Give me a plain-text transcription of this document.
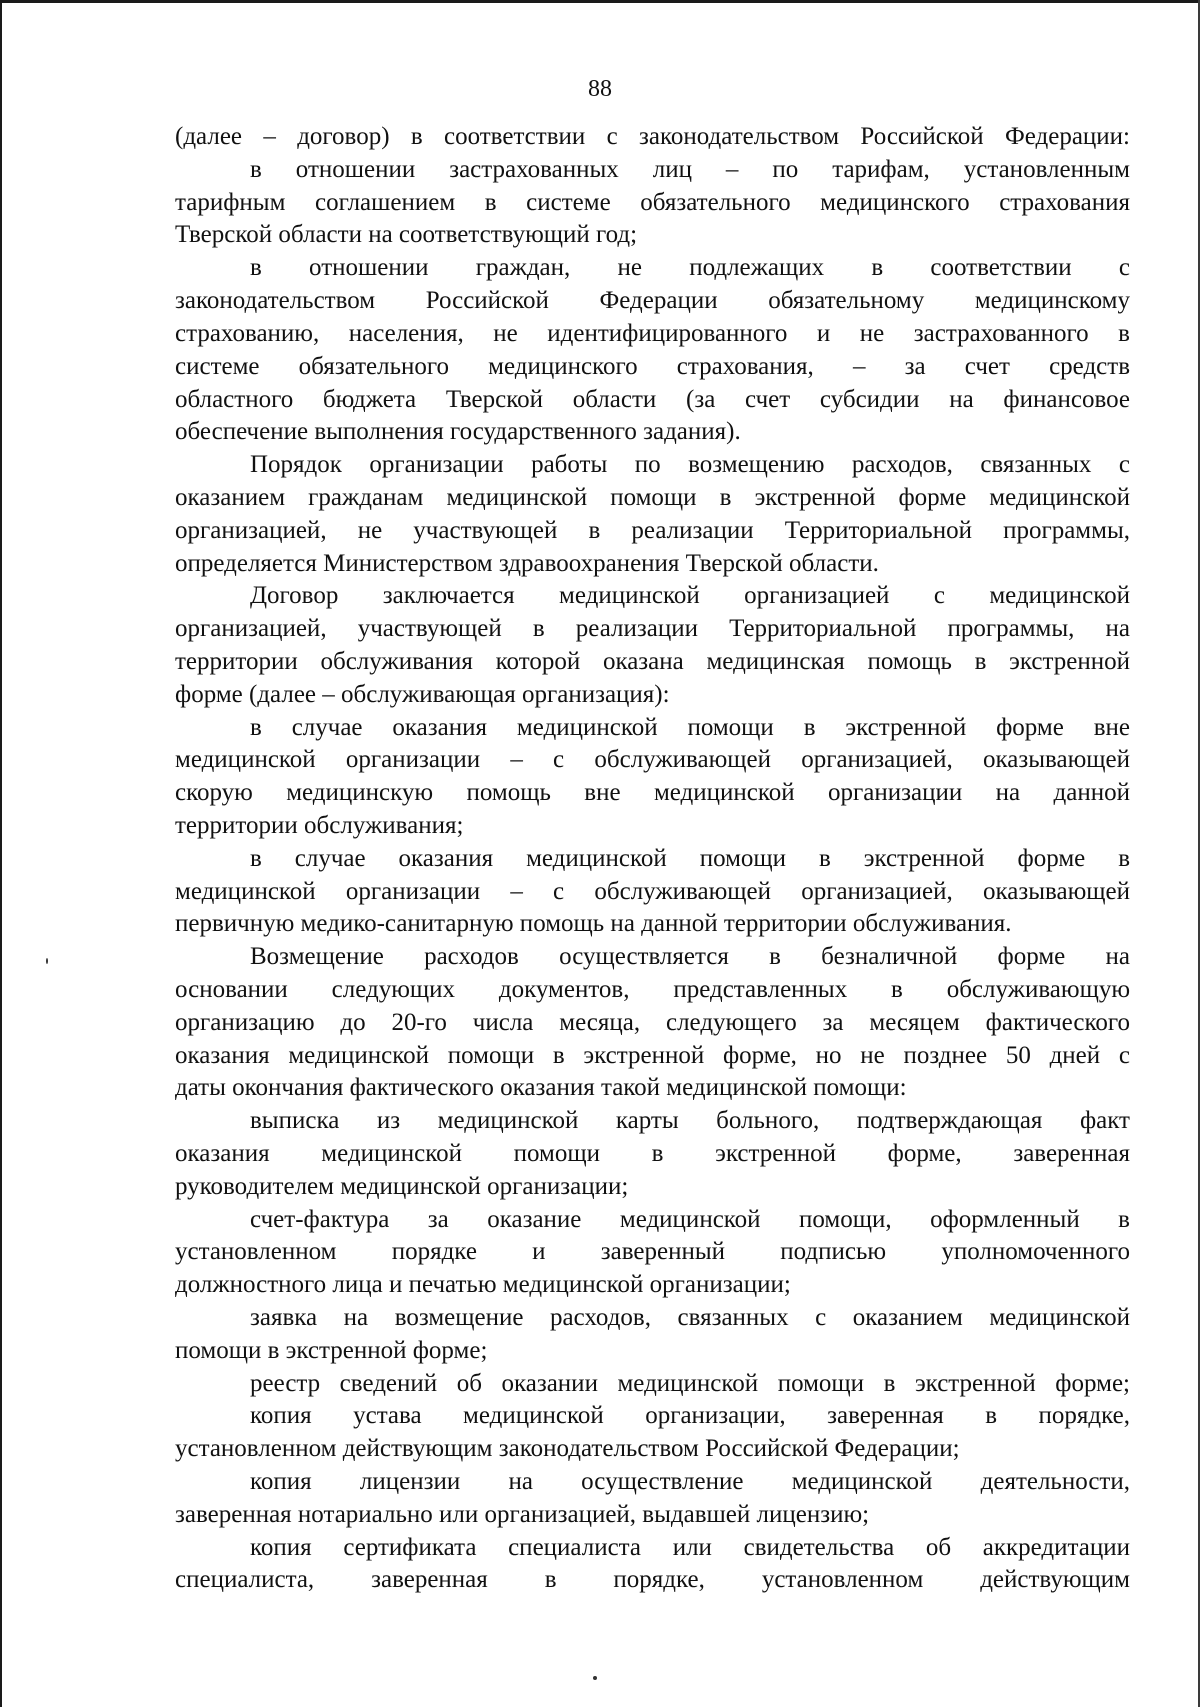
88
(далее – договор) в соответствии с законодательством Российской Федерации:
в отношении застрахованных лиц – по тарифам, установленным
тарифным соглашением в системе обязательного медицинского страхования
Тверской области на соответствующий год;
в отношении граждан, не подлежащих в соответствии с
законодательством Российской Федерации обязательному медицинскому
страхованию, населения, не идентифицированного и не застрахованного в
системе обязательного медицинского страхования, – за счет средств
областного бюджета Тверской области (за счет субсидии на финансовое
обеспечение выполнения государственного задания).
Порядок организации работы по возмещению расходов, связанных с
оказанием гражданам медицинской помощи в экстренной форме медицинской
организацией, не участвующей в реализации Территориальной программы,
определяется Министерством здравоохранения Тверской области.
Договор заключается медицинской организацией с медицинской
организацией, участвующей в реализации Территориальной программы, на
территории обслуживания которой оказана медицинская помощь в экстренной
форме (далее – обслуживающая организация):
в случае оказания медицинской помощи в экстренной форме вне
медицинской организации – с обслуживающей организацией, оказывающей
скорую медицинскую помощь вне медицинской организации на данной
территории обслуживания;
в случае оказания медицинской помощи в экстренной форме в
медицинской организации – с обслуживающей организацией, оказывающей
первичную медико-санитарную помощь на данной территории обслуживания.
Возмещение расходов осуществляется в безналичной форме на
основании следующих документов, представленных в обслуживающую
организацию до 20-го числа месяца, следующего за месяцем фактического
оказания медицинской помощи в экстренной форме, но не позднее 50 дней с
даты окончания фактического оказания такой медицинской помощи:
выписка из медицинской карты больного, подтверждающая факт
оказания медицинской помощи в экстренной форме, заверенная
руководителем медицинской организации;
счет-фактура за оказание медицинской помощи, оформленный в
установленном порядке и заверенный подписью уполномоченного
должностного лица и печатью медицинской организации;
заявка на возмещение расходов, связанных с оказанием медицинской
помощи в экстренной форме;
реестр сведений об оказании медицинской помощи в экстренной форме;
копия устава медицинской организации, заверенная в порядке,
установленном действующим законодательством Российской Федерации;
копия лицензии на осуществление медицинской деятельности,
заверенная нотариально или организацией, выдавшей лицензию;
копия сертификата специалиста или свидетельства об аккредитации
специалиста, заверенная в порядке, установленном действующим
